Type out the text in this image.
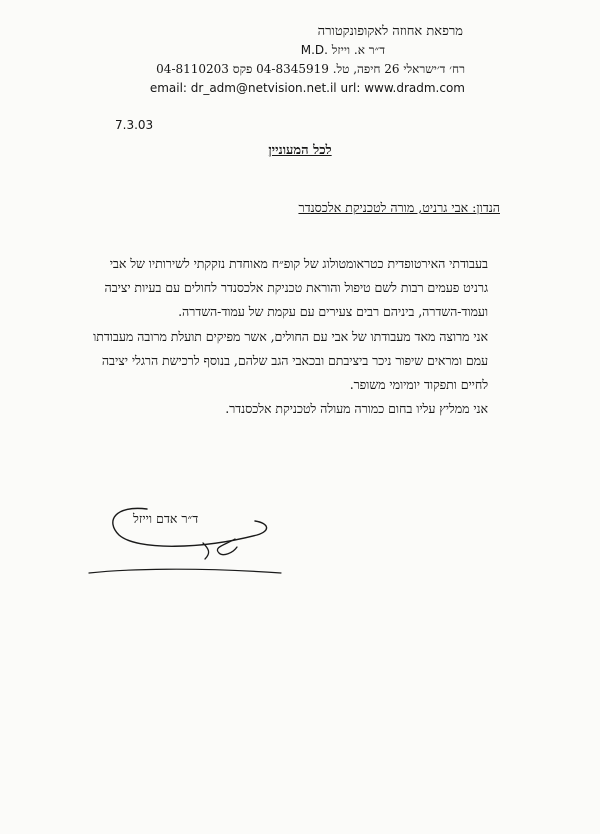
מרפאת אחוזה לאקופונקטורה
M.D. ד״ר א. וייזל
רח׳ ד׳ישראלי 26 חיפה, טל. 04-8345919 פקס 04-8110203
email: dr_adm@netvision.net.il url: www.dradm.com
7.3.03
לכל המעוניין
הנדון: אבי גרניט, מורה לטכניקת אלכסנדר
בעבודתי האירטופדית כטראומטולוג של קופ״ח מאוחדת נזקקתי לשירותיו של אבי
גרניט פעמים רבות לשם טיפול והוראת טכניקת אלכסנדר לחולים עם בעיות יציבה
ועמוד-השדרה, ביניהם רבים צעירים עם עקמת של עמוד-השדרה.
אני מרוצה מאד מעבודתו של אבי עם החולים, אשר מפיקים תועלת מרובה מעבודתו
עמם ומראים שיפור ניכר ביציבתם ובכאבי הגב שלהם, בנוסף לרכישת הרגלי יציבה
לחיים ותפקוד יומיומי משופר.
אני ממליץ עליו בחום כמורה מעולה לטכניקת אלכסנדר.
ד״ר אדם וייזל
